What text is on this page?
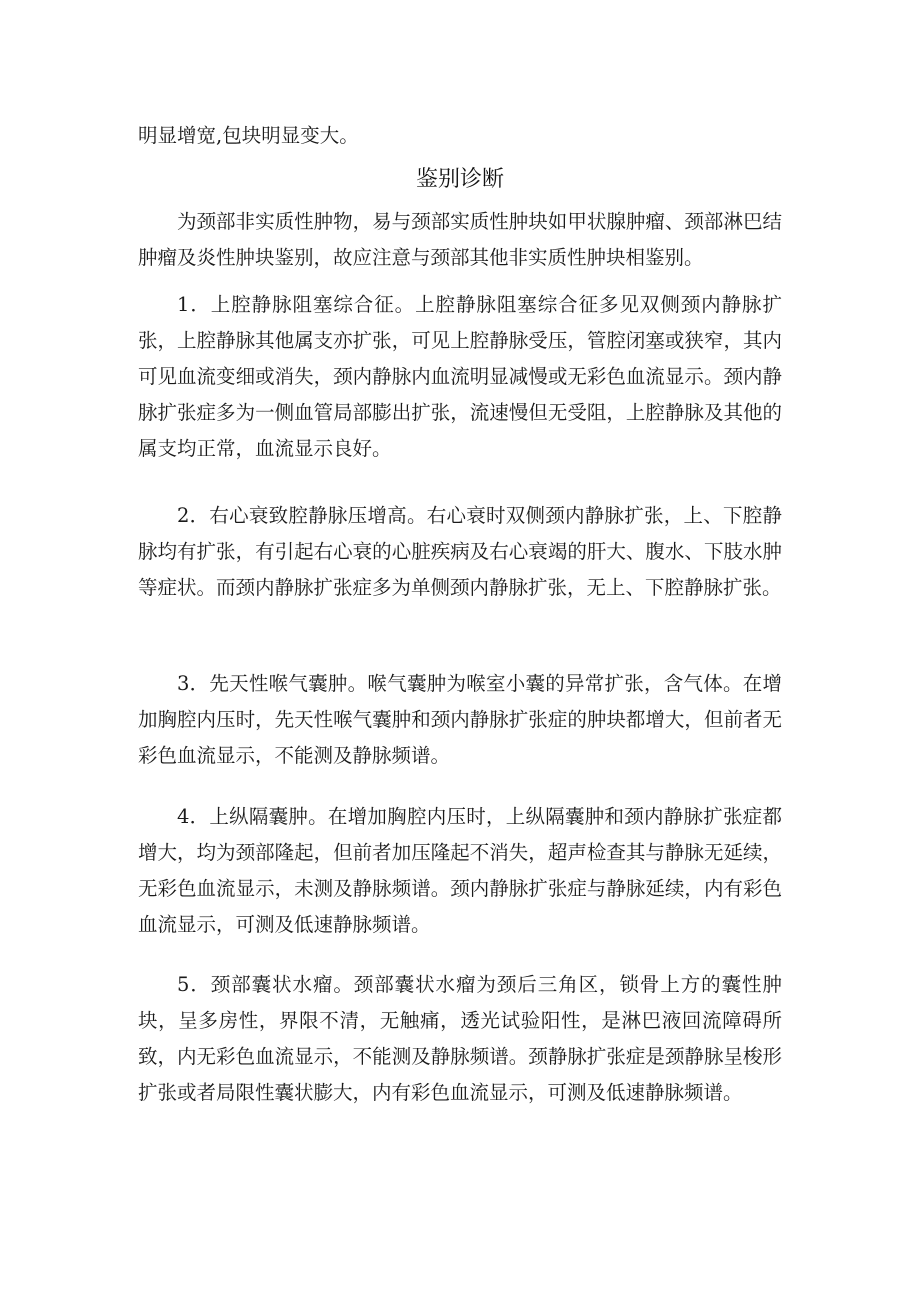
明显增宽,包块明显变大。
鉴别诊断

为颈部非实质性肿物，易与颈部实质性肿块如甲状腺肿瘤、颈部淋巴结肿瘤及炎性肿块鉴别，故应注意与颈部其他非实质性肿块相鉴别。

1．上腔静脉阻塞综合征。上腔静脉阻塞综合征多见双侧颈内静脉扩张，上腔静脉其他属支亦扩张，可见上腔静脉受压，管腔闭塞或狭窄，其内可见血流变细或消失，颈内静脉内血流明显减慢或无彩色血流显示。颈内静脉扩张症多为一侧血管局部膨出扩张，流速慢但无受阻，上腔静脉及其他的属支均正常，血流显示良好。

2．右心衰致腔静脉压增高。右心衰时双侧颈内静脉扩张，上、下腔静脉均有扩张，有引起右心衰的心脏疾病及右心衰竭的肝大、腹水、下肢水肿等症状。而颈内静脉扩张症多为单侧颈内静脉扩张，无上、下腔静脉扩张。

3．先天性喉气囊肿。喉气囊肿为喉室小囊的异常扩张，含气体。在增加胸腔内压时，先天性喉气囊肿和颈内静脉扩张症的肿块都增大，但前者无彩色血流显示，不能测及静脉频谱。

4．上纵隔囊肿。在增加胸腔内压时，上纵隔囊肿和颈内静脉扩张症都增大，均为颈部隆起，但前者加压隆起不消失，超声检查其与静脉无延续，无彩色血流显示，未测及静脉频谱。颈内静脉扩张症与静脉延续，内有彩色血流显示，可测及低速静脉频谱。

5．颈部囊状水瘤。颈部囊状水瘤为颈后三角区，锁骨上方的囊性肿块，呈多房性，界限不清，无触痛，透光试验阳性，是淋巴液回流障碍所致，内无彩色血流显示，不能测及静脉频谱。颈静脉扩张症是颈静脉呈梭形扩张或者局限性囊状膨大，内有彩色血流显示，可测及低速静脉频谱。
